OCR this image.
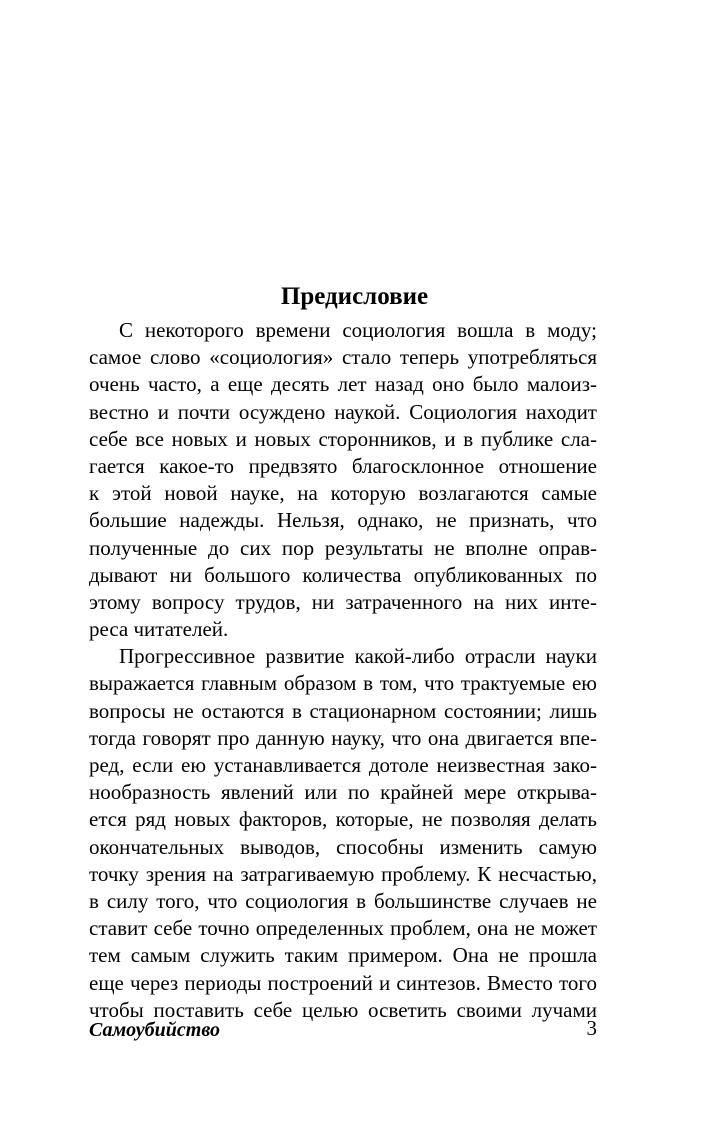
Предисловие
С некоторого времени социология вошла в моду;
самое слово «социология» стало теперь употребляться
очень часто, а еще десять лет назад оно было малоиз-
вестно и почти осуждено наукой. Социология находит
себе все новых и новых сторонников, и в публике сла-
гается какое-то предвзято благосклонное отношение
к этой новой науке, на которую возлагаются самые
большие надежды. Нельзя, однако, не признать, что
полученные до сих пор результаты не вполне оправ-
дывают ни большого количества опубликованных по
этому вопросу трудов, ни затраченного на них инте-
реса читателей.
Прогрессивное развитие какой-либо отрасли науки
выражается главным образом в том, что трактуемые ею
вопросы не остаются в стационарном состоянии; лишь
тогда говорят про данную науку, что она двигается впе-
ред, если ею устанавливается дотоле неизвестная зако-
нообразность явлений или по крайней мере открыва-
ется ряд новых факторов, которые, не позволяя делать
окончательных выводов, способны изменить самую
точку зрения на затрагиваемую проблему. К несчастью,
в силу того, что социология в большинстве случаев не
ставит себе точно определенных проблем, она не может
тем самым служить таким примером. Она не прошла
еще через периоды построений и синтезов. Вместо того
чтобы поставить себе целью осветить своими лучами
Самоубийство	3
